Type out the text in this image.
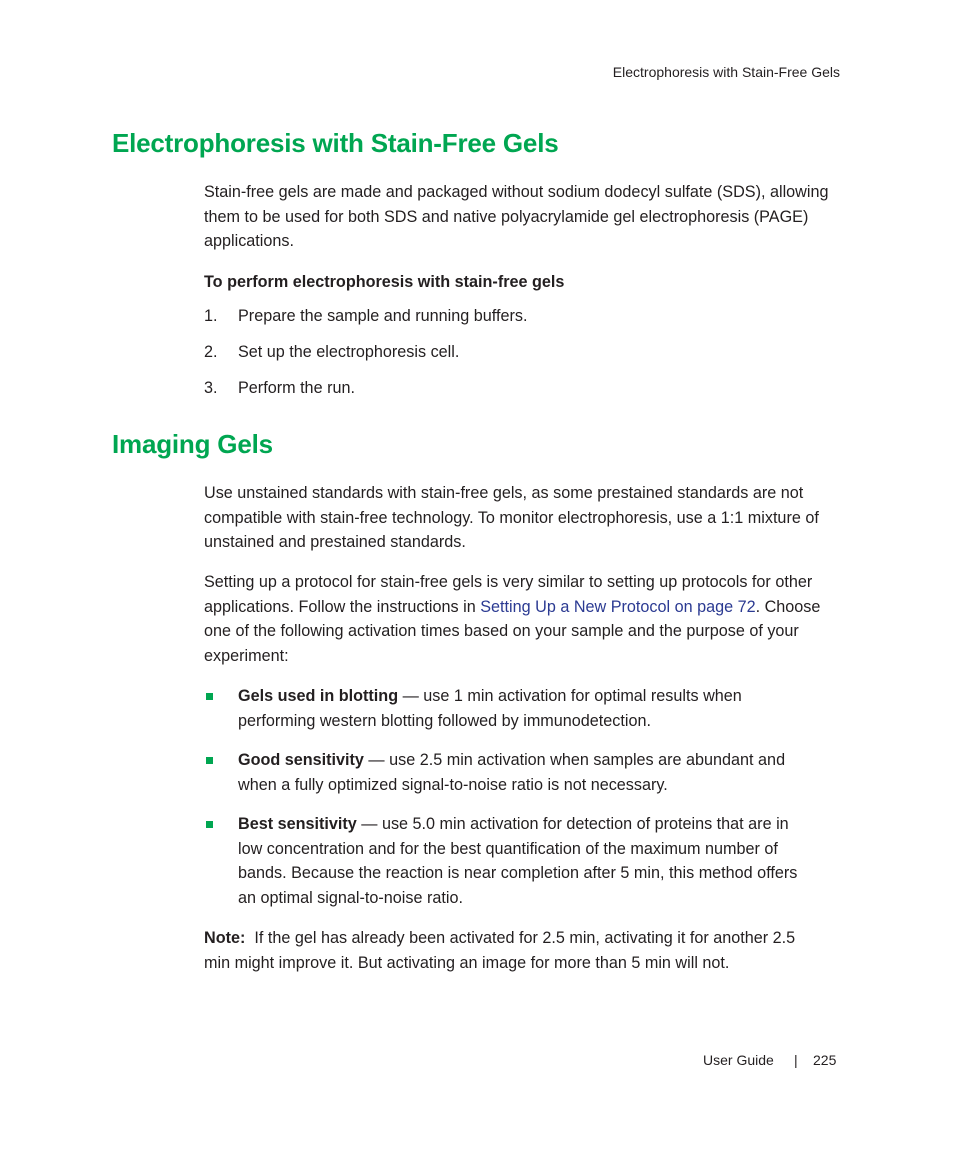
Electrophoresis with Stain-Free Gels
Electrophoresis with Stain-Free Gels

Stain-free gels are made and packaged without sodium dodecyl sulfate (SDS), allowing them to be used for both SDS and native polyacrylamide gel electrophoresis (PAGE) applications.

To perform electrophoresis with stain-free gels

1. Prepare the sample and running buffers.
2. Set up the electrophoresis cell.
3. Perform the run.
Imaging Gels

Use unstained standards with stain-free gels, as some prestained standards are not compatible with stain-free technology. To monitor electrophoresis, use a 1:1 mixture of unstained and prestained standards.

Setting up a protocol for stain-free gels is very similar to setting up protocols for other applications. Follow the instructions in Setting Up a New Protocol on page 72. Choose one of the following activation times based on your sample and the purpose of your experiment:

Gels used in blotting — use 1 min activation for optimal results when performing western blotting followed by immunodetection.
Good sensitivity — use 2.5 min activation when samples are abundant and when a fully optimized signal-to-noise ratio is not necessary.
Best sensitivity — use 5.0 min activation for detection of proteins that are in low concentration and for the best quantification of the maximum number of bands. Because the reaction is near completion after 5 min, this method offers an optimal signal-to-noise ratio.

Note:  If the gel has already been activated for 2.5 min, activating it for another 2.5 min might improve it. But activating an image for more than 5 min will not.

User Guide | 225
